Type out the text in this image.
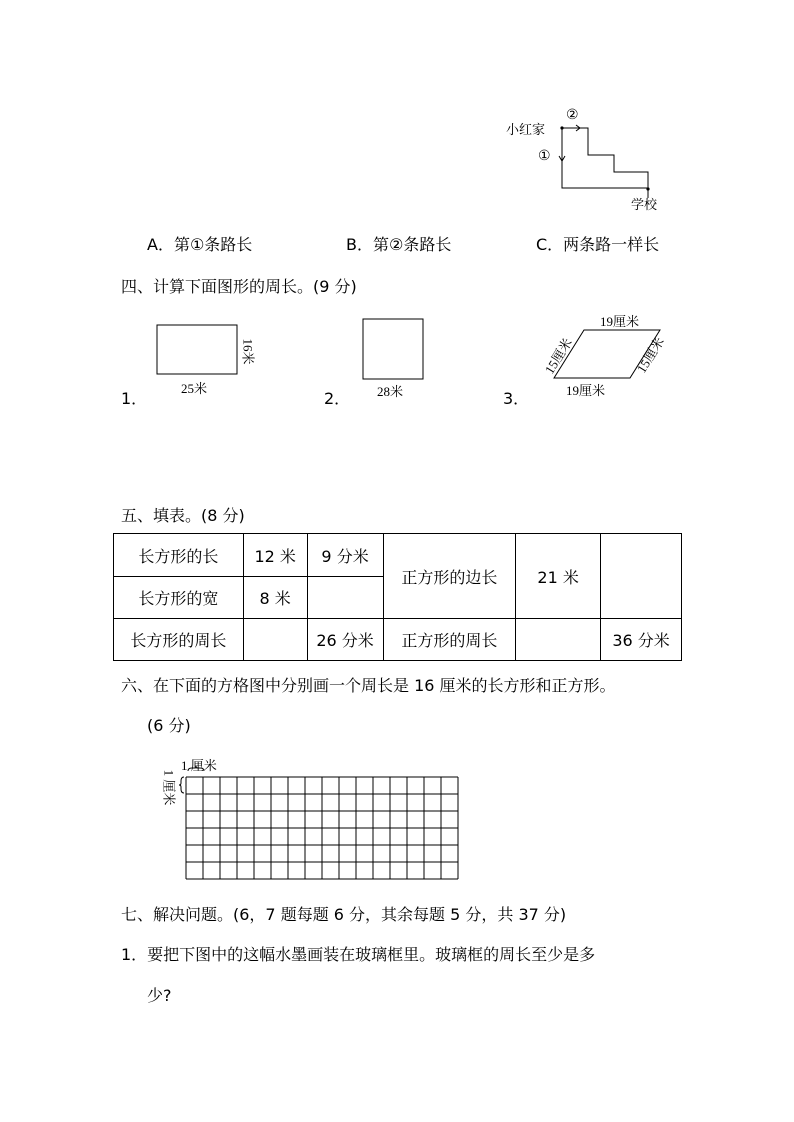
小红家
学校
②
①
A．第①条路长	B．第②条路长	C．两条路一样长
四、计算下面图形的周长。(9 分)
1．	2．	3．
25米
16米
28米
19厘米
19厘米
15厘米	15厘米
五、填表。(8 分)
长方形的长	12 米	9 分米	正方形的边长	21 米	
长方形的宽	8 米				
长方形的周长		26 分米	正方形的周长		36 分米
六、在下面的方格图中分别画一个周长是 16 厘米的长方形和正方形。
(6 分)
1 厘米
1 厘米
七、解决问题。(6，7 题每题 6 分，其余每题 5 分，共 37 分)
1．要把下图中的这幅水墨画装在玻璃框里。玻璃框的周长至少是多
少?
